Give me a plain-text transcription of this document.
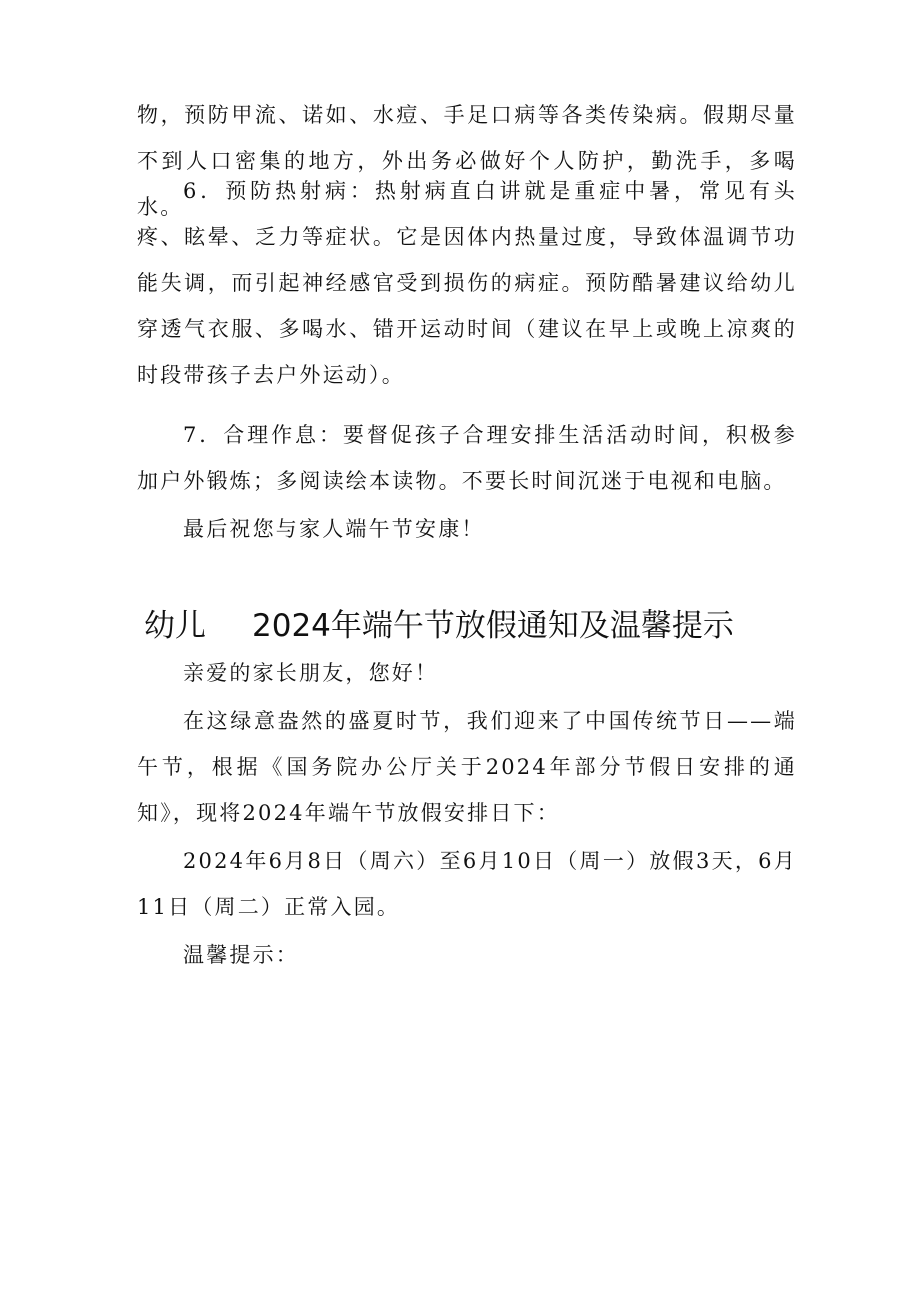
物，预防甲流、诺如、水痘、手足口病等各类传染病。假期尽量不到人口密集的地方，外出务必做好个人防护，勤洗手，多喝水。

6．预防热射病：热射病直白讲就是重症中暑，常见有头疼、眩晕、乏力等症状。它是因体内热量过度，导致体温调节功能失调，而引起神经感官受到损伤的病症。预防酷暑建议给幼儿穿透气衣服、多喝水、错开运动时间（建议在早上或晚上凉爽的时段带孩子去户外运动）。

7．合理作息：要督促孩子合理安排生活活动时间，积极参加户外锻炼；多阅读绘本读物。不要长时间沉迷于电视和电脑。

最后祝您与家人端午节安康！

幼儿 2024年端午节放假通知及温馨提示

亲爱的家长朋友，您好！

在这绿意盎然的盛夏时节，我们迎来了中国传统节日——端午节，根据《国务院办公厅关于2024年部分节假日安排的通知》，现将2024年端午节放假安排日下：

2024年6月8日（周六）至6月10日（周一）放假3天，6月11日（周二）正常入园。

温馨提示：
